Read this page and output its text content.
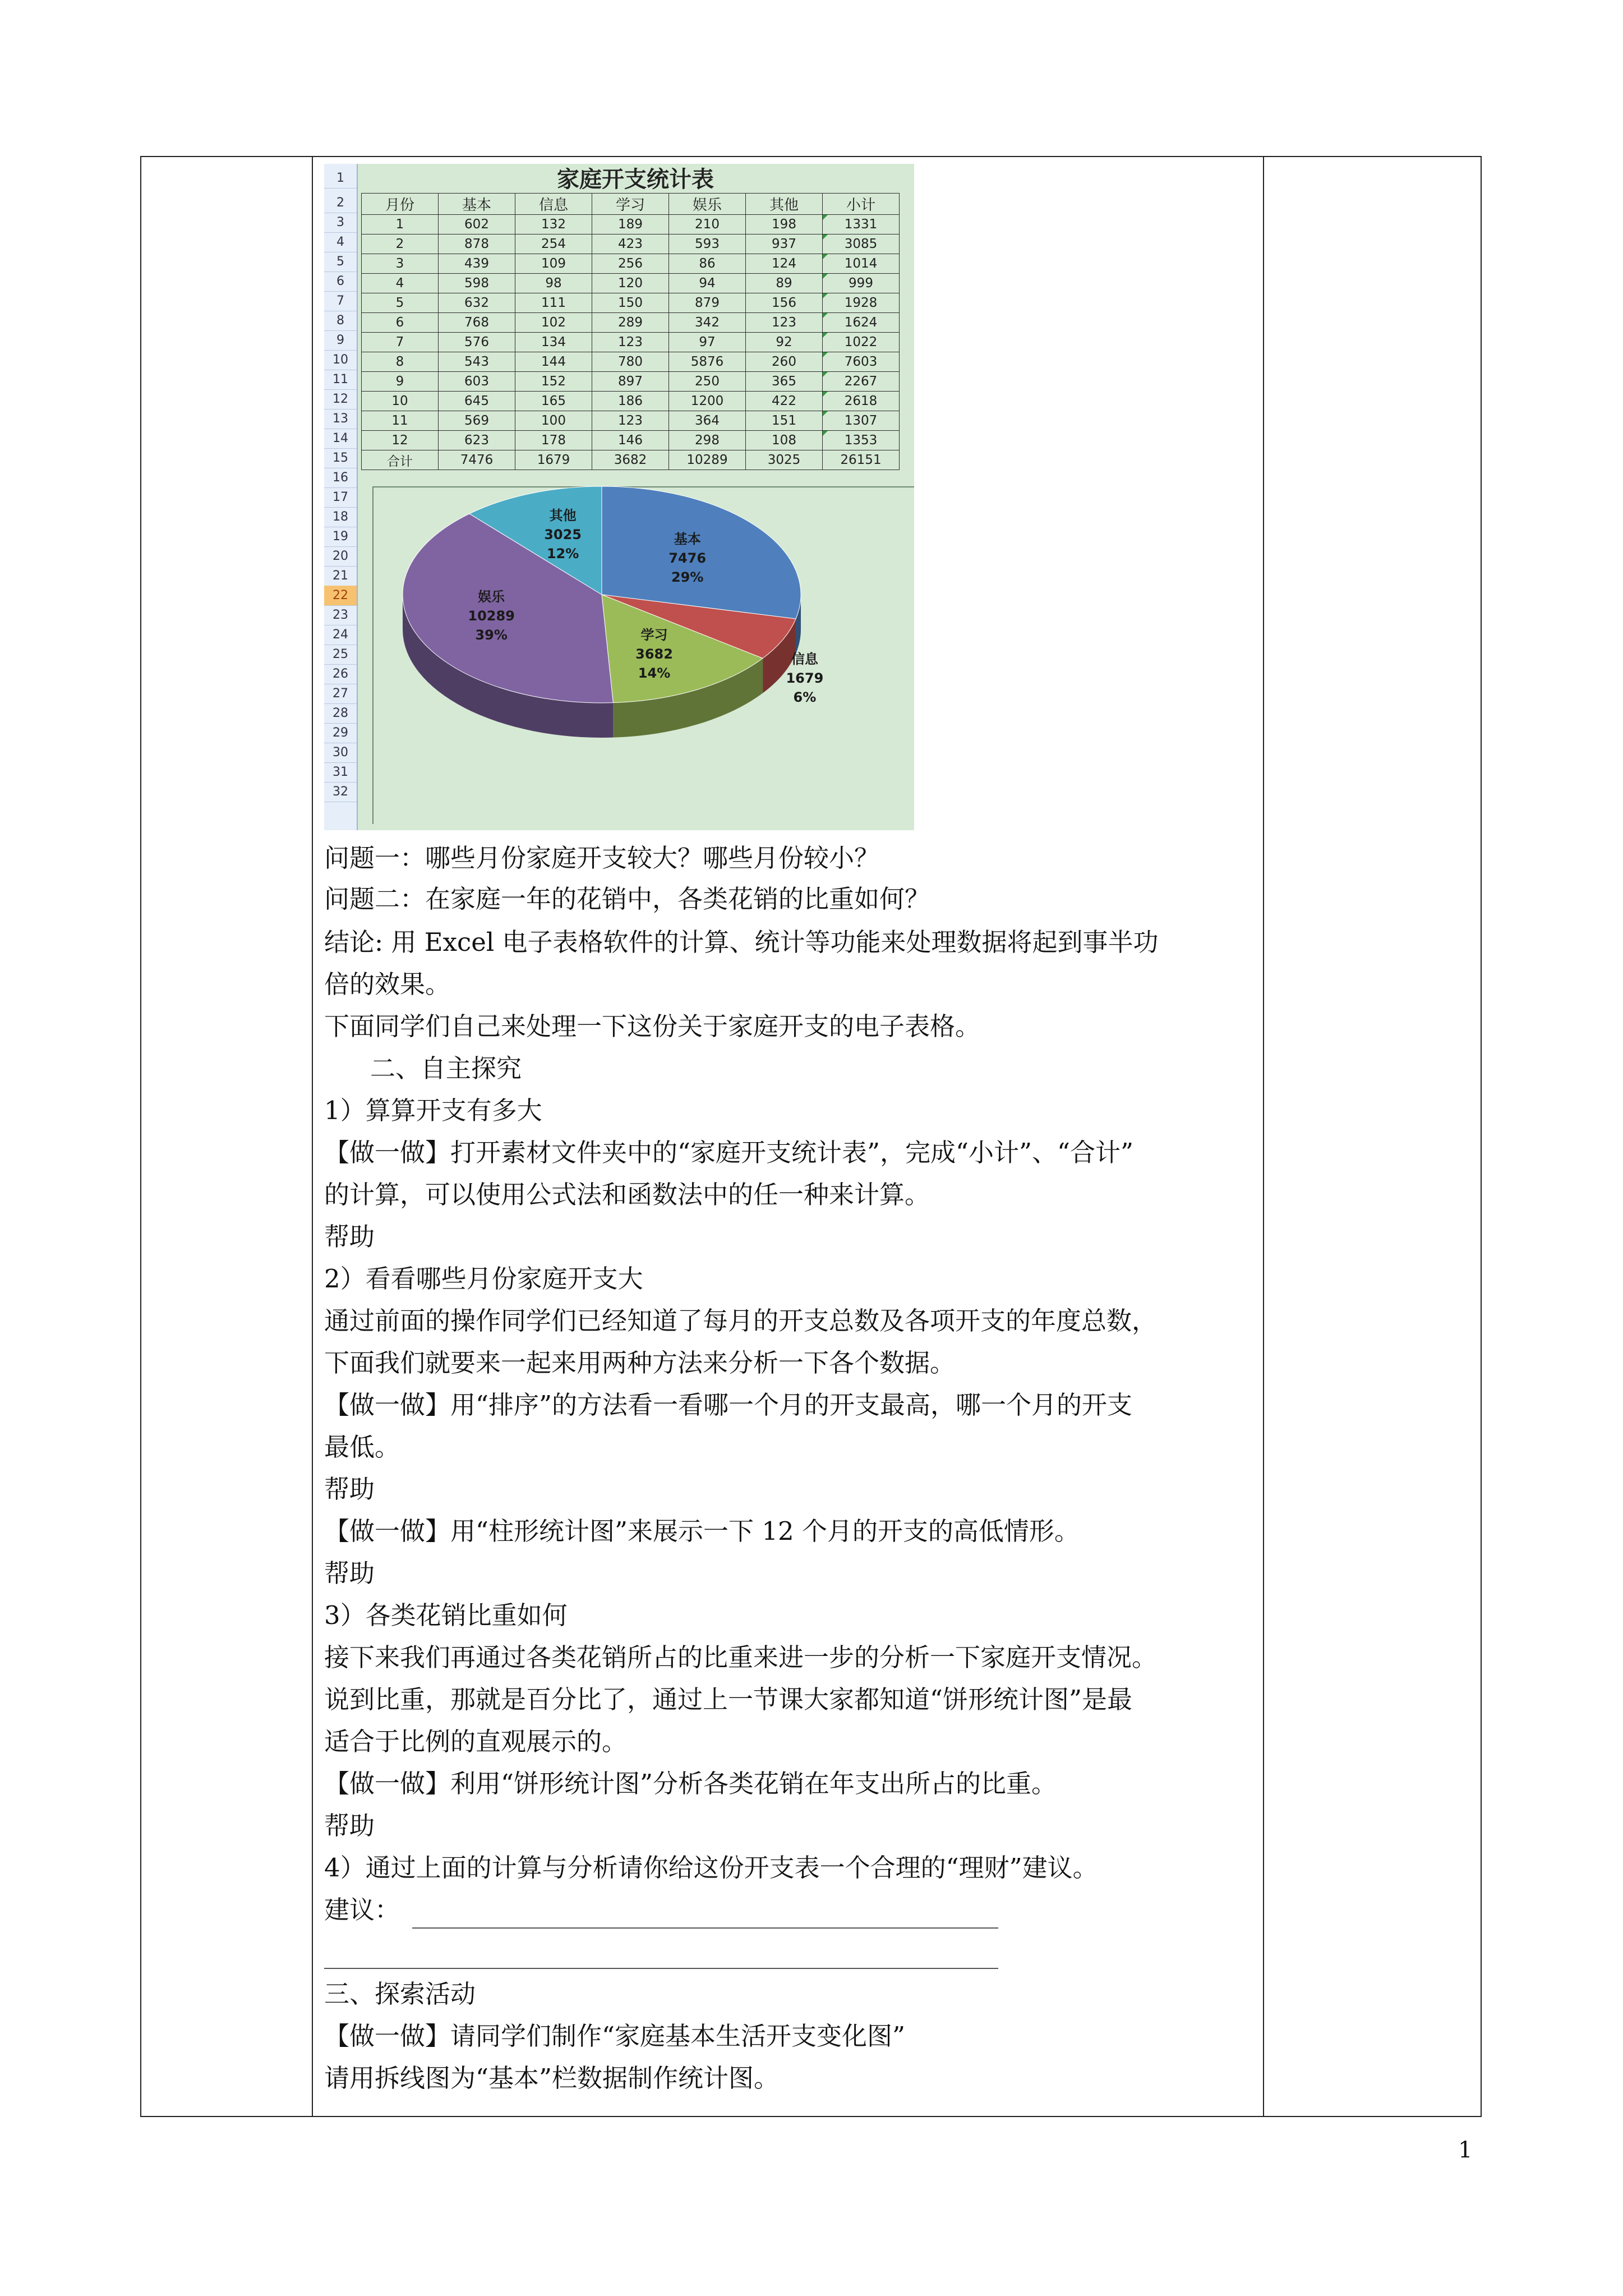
1
2
3
4
5
6
7
8
9
10
11
12
13
14
15
16
17
18
19
20
21
22
23
24
25
26
27
28
29
30
31
32
家庭开支统计表
月份	基本	信息	学习	娱乐	其他	小计
1	602	132	189	210	198	1331
2	878	254	423	593	937	3085
3	439	109	256	86	124	1014
4	598	98	120	94	89	999
5	632	111	150	879	156	1928
6	768	102	289	342	123	1624
7	576	134	123	97	92	1022
8	543	144	780	5876	260	7603
9	603	152	897	250	365	2267
10	645	165	186	1200	422	2618
11	569	100	123	364	151	1307
12	623	178	146	298	108	1353
合计	7476	1679	3682	10289	3025	26151
基本
7476
29%
信息
1679
6%
学习
3682
14%
娱乐
10289
39%
其他
3025
12%
问题一：哪些月份家庭开支较大？哪些月份较小？
问题二：在家庭一年的花销中，各类花销的比重如何？
结论: 用 Excel 电子表格软件的计算、统计等功能来处理数据将起到事半功
倍的效果。
下面同学们自己来处理一下这份关于家庭开支的电子表格。
二、自主探究
1）算算开支有多大
【做一做】打开素材文件夹中的“家庭开支统计表”，完成“小计”、“合计”
的计算，可以使用公式法和函数法中的任一种来计算。
帮助
2）看看哪些月份家庭开支大
通过前面的操作同学们已经知道了每月的开支总数及各项开支的年度总数，
下面我们就要来一起来用两种方法来分析一下各个数据。
【做一做】用“排序”的方法看一看哪一个月的开支最高，哪一个月的开支
最低。
帮助
【做一做】用“柱形统计图”来展示一下 12 个月的开支的高低情形。
帮助
3）各类花销比重如何
接下来我们再通过各类花销所占的比重来进一步的分析一下家庭开支情况。
说到比重，那就是百分比了，通过上一节课大家都知道“饼形统计图”是最
适合于比例的直观展示的。
【做一做】利用“饼形统计图”分析各类花销在年支出所占的比重。
帮助
4）通过上面的计算与分析请你给这份开支表一个合理的“理财”建议。
建议：
三、探索活动
【做一做】请同学们制作“家庭基本生活开支变化图”
请用拆线图为“基本”栏数据制作统计图。
1
